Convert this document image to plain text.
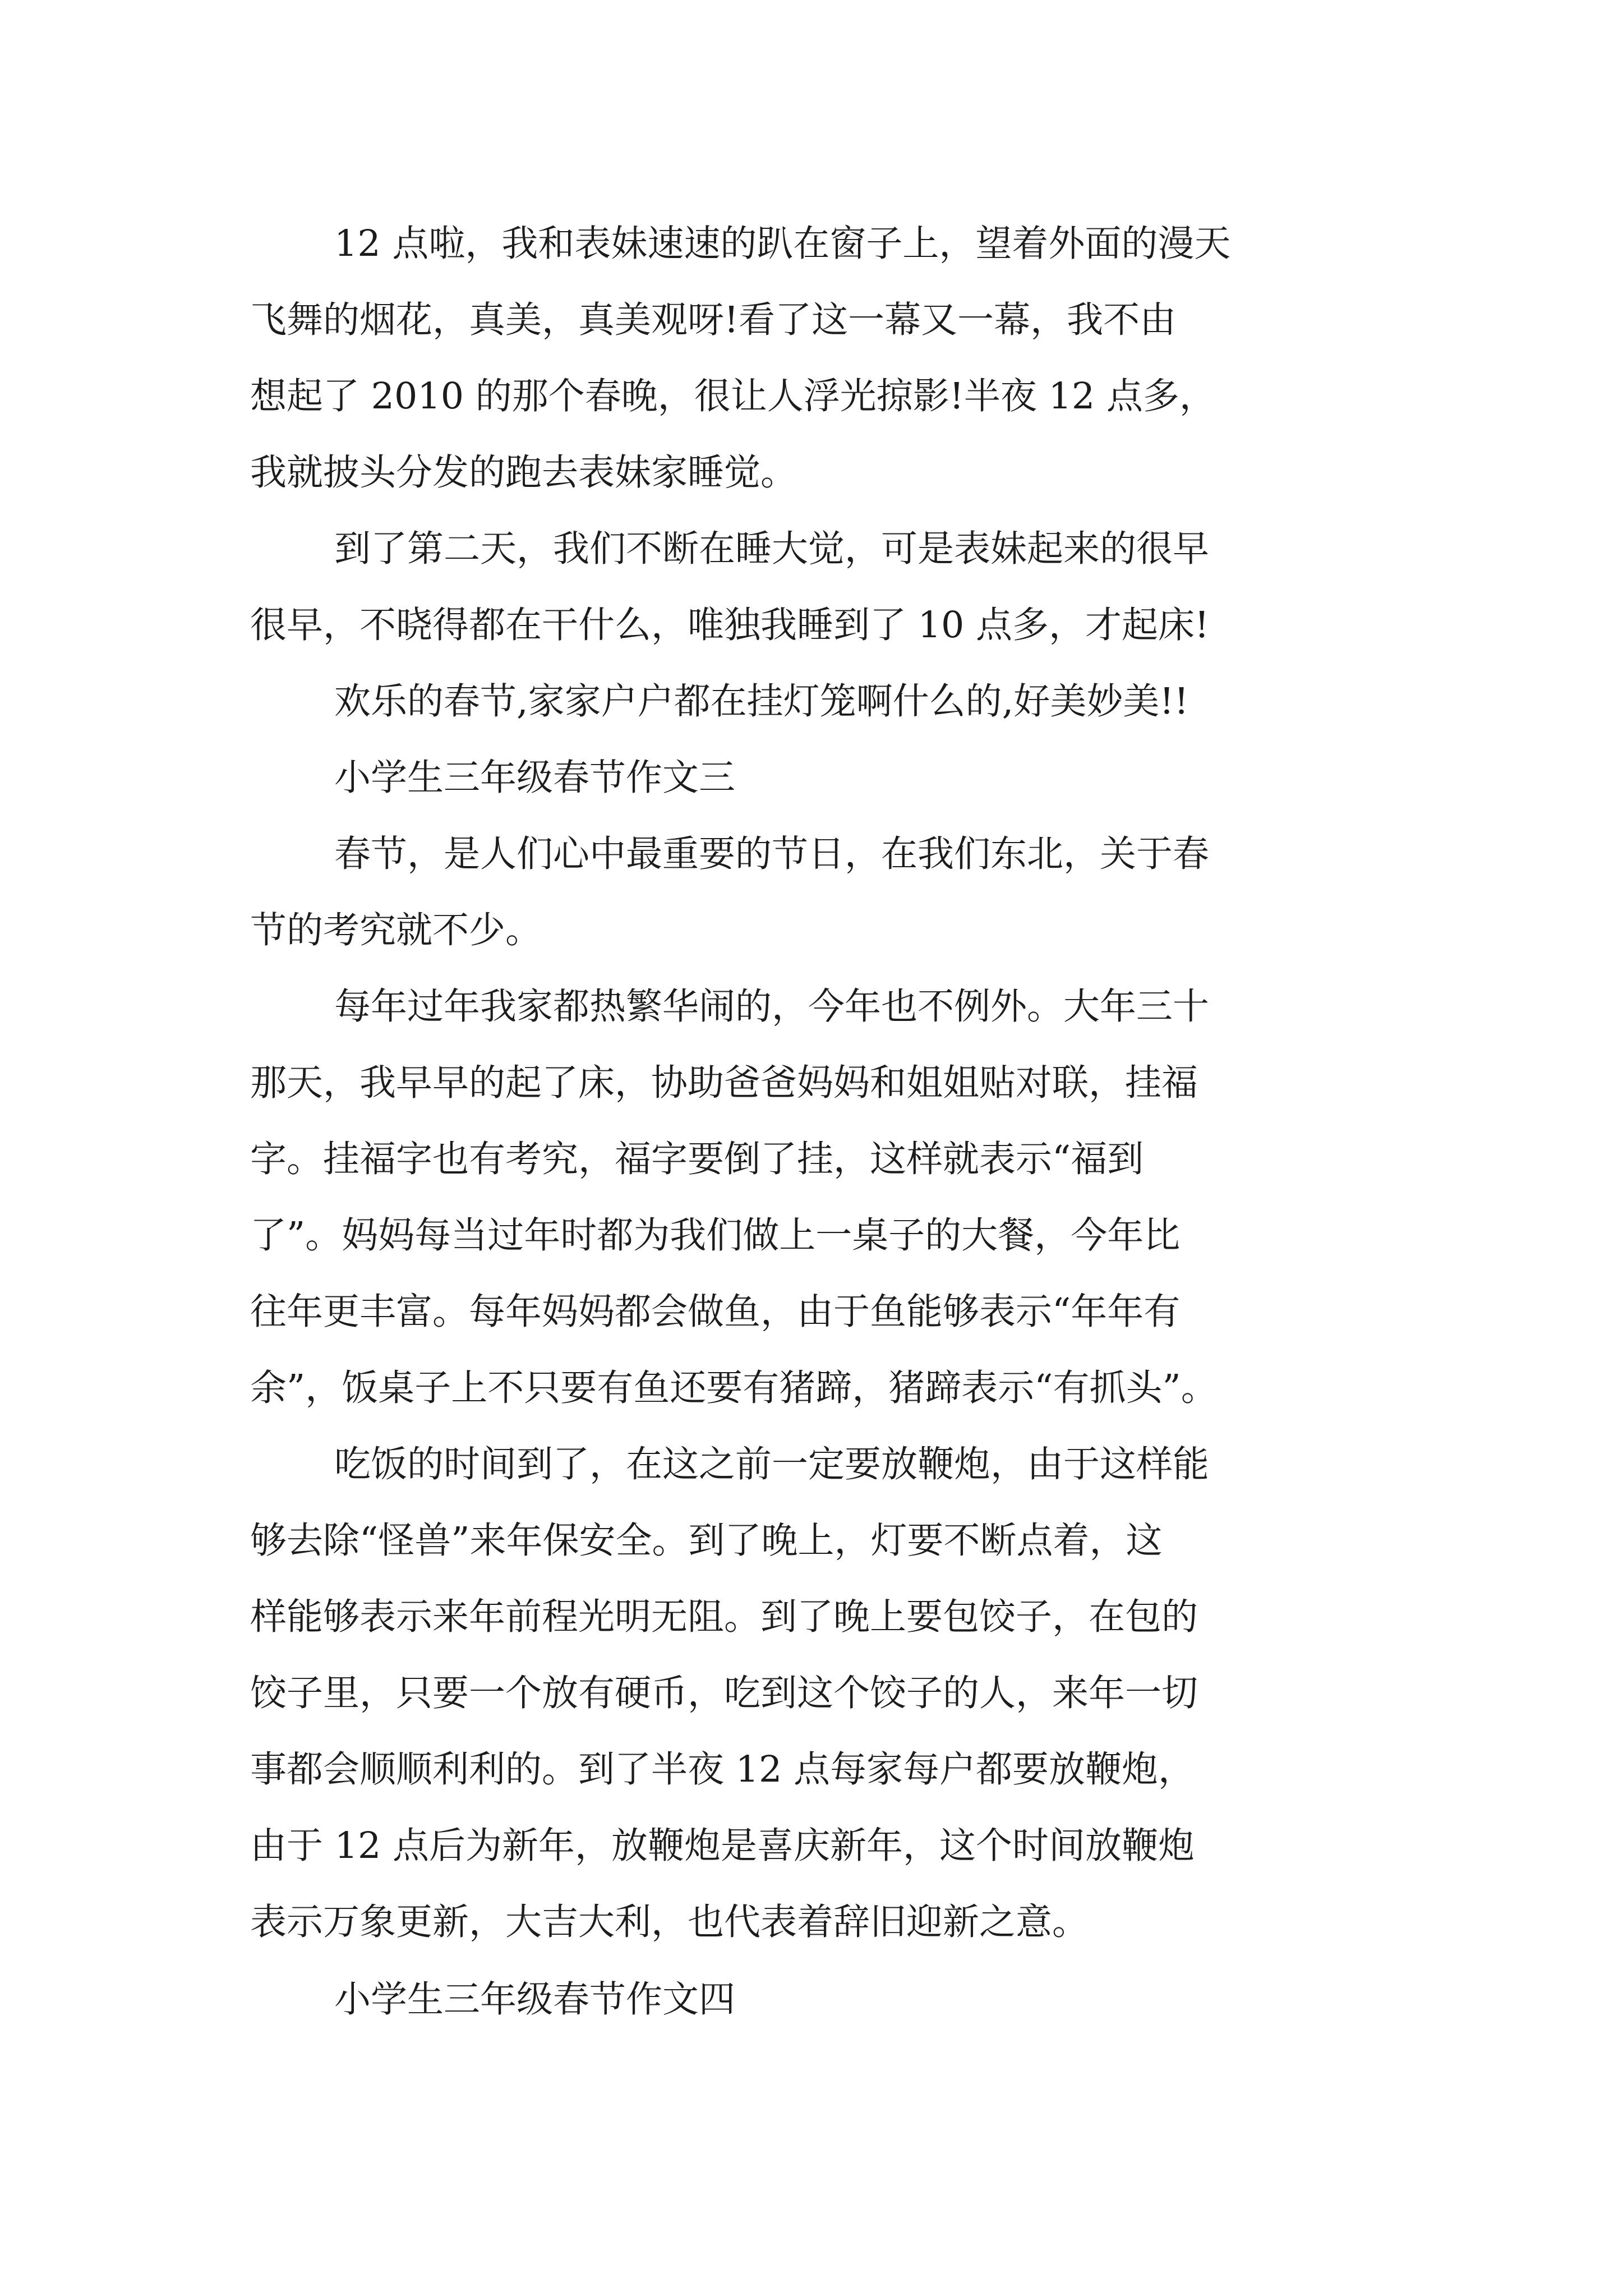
12 点啦，我和表妹速速的趴在窗子上，望着外面的漫天

飞舞的烟花，真美，真美观呀!看了这一幕又一幕，我不由

想起了 2010 的那个春晚，很让人浮光掠影!半夜 12 点多，

我就披头分发的跑去表妹家睡觉。

到了第二天，我们不断在睡大觉，可是表妹起来的很早

很早，不晓得都在干什么，唯独我睡到了 10 点多，才起床!

欢乐的春节,家家户户都在挂灯笼啊什么的,好美妙美!!

小学生三年级春节作文三

春节，是人们心中最重要的节日，在我们东北，关于春

节的考究就不少。

每年过年我家都热繁华闹的，今年也不例外。大年三十

那天，我早早的起了床，协助爸爸妈妈和姐姐贴对联，挂福

字。挂福字也有考究，福字要倒了挂，这样就表示“福到

了”。妈妈每当过年时都为我们做上一桌子的大餐，今年比

往年更丰富。每年妈妈都会做鱼，由于鱼能够表示“年年有

余”，饭桌子上不只要有鱼还要有猪蹄，猪蹄表示“有抓头”。

吃饭的时间到了，在这之前一定要放鞭炮，由于这样能

够去除“怪兽”来年保安全。到了晚上，灯要不断点着，这

样能够表示来年前程光明无阻。到了晚上要包饺子，在包的

饺子里，只要一个放有硬币，吃到这个饺子的人，来年一切

事都会顺顺利利的。到了半夜 12 点每家每户都要放鞭炮，

由于 12 点后为新年，放鞭炮是喜庆新年，这个时间放鞭炮

表示万象更新，大吉大利，也代表着辞旧迎新之意。

小学生三年级春节作文四
